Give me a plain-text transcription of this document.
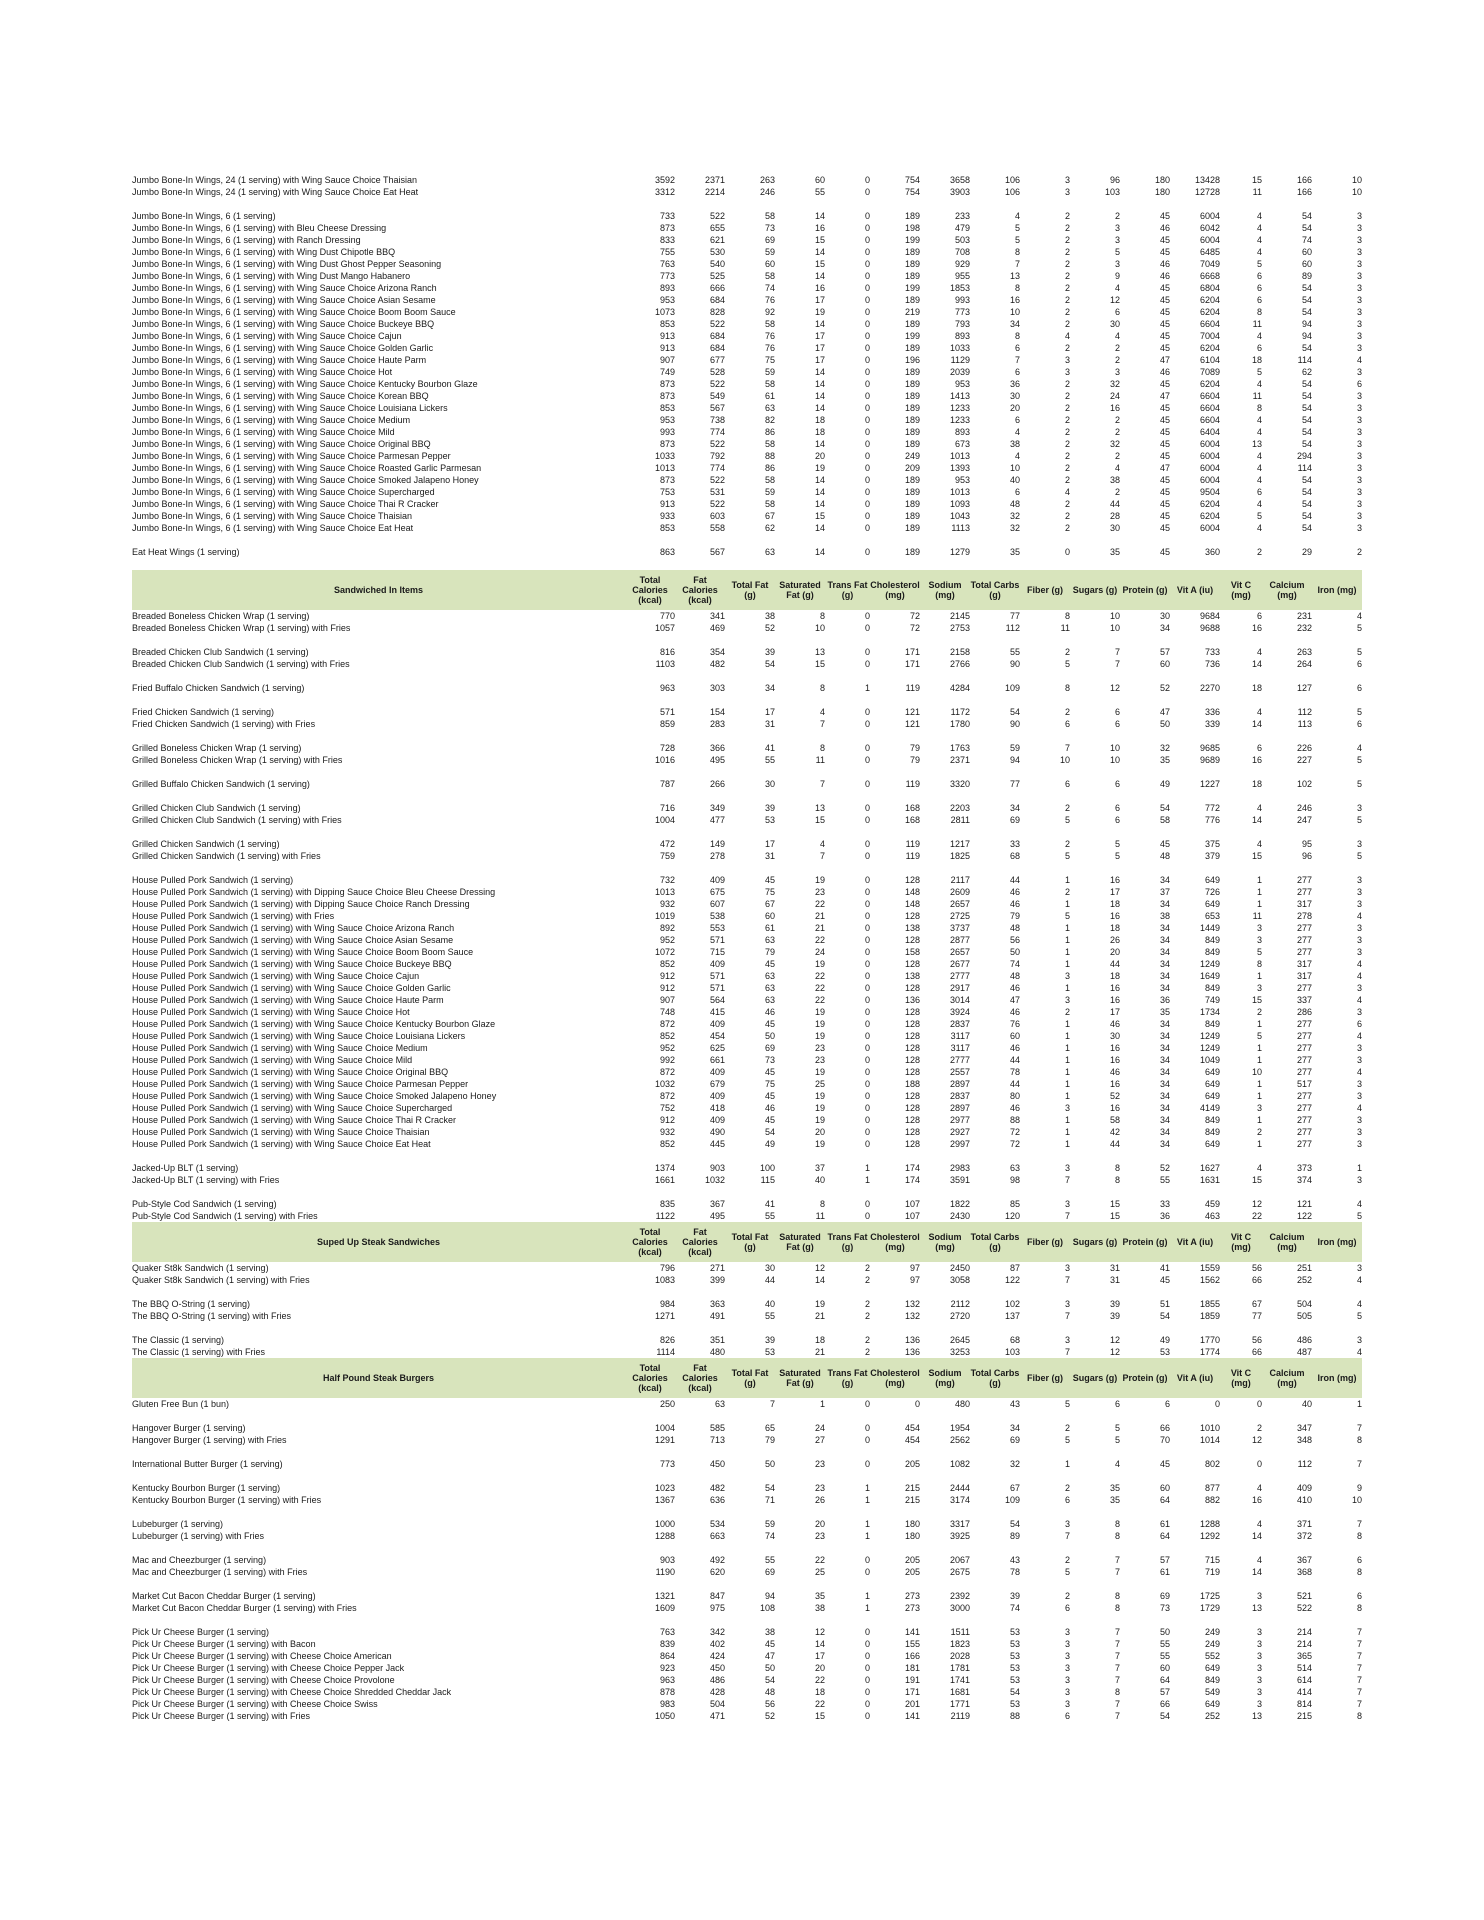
Jumbo Bone-In Wings, 24 (1 serving) with Wing Sauce Choice Thaisian	3592	2371	263	60	0	754	3658	106	3	96	180	13428	15	166	10
Jumbo Bone-In Wings, 24 (1 serving) with Wing Sauce Choice Eat Heat	3312	2214	246	55	0	754	3903	106	3	103	180	12728	11	166	10

Jumbo Bone-In Wings, 6 (1 serving)	733	522	58	14	0	189	233	4	2	2	45	6004	4	54	3
Jumbo Bone-In Wings, 6 (1 serving) with Bleu Cheese Dressing	873	655	73	16	0	198	479	5	2	3	46	6042	4	54	3
Jumbo Bone-In Wings, 6 (1 serving) with Ranch Dressing	833	621	69	15	0	199	503	5	2	3	45	6004	4	74	3
Jumbo Bone-In Wings, 6 (1 serving) with Wing Dust Chipotle BBQ	755	530	59	14	0	189	708	8	2	5	45	6485	4	60	3
Jumbo Bone-In Wings, 6 (1 serving) with Wing Dust Ghost Pepper Seasoning	763	540	60	15	0	189	929	7	2	3	46	7049	5	60	3
Jumbo Bone-In Wings, 6 (1 serving) with Wing Dust Mango Habanero	773	525	58	14	0	189	955	13	2	9	46	6668	6	89	3
Jumbo Bone-In Wings, 6 (1 serving) with Wing Sauce Choice Arizona Ranch	893	666	74	16	0	199	1853	8	2	4	45	6804	6	54	3
Jumbo Bone-In Wings, 6 (1 serving) with Wing Sauce Choice Asian Sesame	953	684	76	17	0	189	993	16	2	12	45	6204	6	54	3
Jumbo Bone-In Wings, 6 (1 serving) with Wing Sauce Choice Boom Boom Sauce	1073	828	92	19	0	219	773	10	2	6	45	6204	8	54	3
Jumbo Bone-In Wings, 6 (1 serving) with Wing Sauce Choice Buckeye BBQ	853	522	58	14	0	189	793	34	2	30	45	6604	11	94	3
Jumbo Bone-In Wings, 6 (1 serving) with Wing Sauce Choice Cajun	913	684	76	17	0	199	893	8	4	4	45	7004	4	94	3
Jumbo Bone-In Wings, 6 (1 serving) with Wing Sauce Choice Golden Garlic	913	684	76	17	0	189	1033	6	2	2	45	6204	6	54	3
Jumbo Bone-In Wings, 6 (1 serving) with Wing Sauce Choice Haute Parm	907	677	75	17	0	196	1129	7	3	2	47	6104	18	114	4
Jumbo Bone-In Wings, 6 (1 serving) with Wing Sauce Choice Hot	749	528	59	14	0	189	2039	6	3	3	46	7089	5	62	3
Jumbo Bone-In Wings, 6 (1 serving) with Wing Sauce Choice Kentucky Bourbon Glaze	873	522	58	14	0	189	953	36	2	32	45	6204	4	54	6
Jumbo Bone-In Wings, 6 (1 serving) with Wing Sauce Choice Korean BBQ	873	549	61	14	0	189	1413	30	2	24	47	6604	11	54	3
Jumbo Bone-In Wings, 6 (1 serving) with Wing Sauce Choice Louisiana Lickers	853	567	63	14	0	189	1233	20	2	16	45	6604	8	54	3
Jumbo Bone-In Wings, 6 (1 serving) with Wing Sauce Choice Medium	953	738	82	18	0	189	1233	6	2	2	45	6604	4	54	3
Jumbo Bone-In Wings, 6 (1 serving) with Wing Sauce Choice Mild	993	774	86	18	0	189	893	4	2	2	45	6404	4	54	3
Jumbo Bone-In Wings, 6 (1 serving) with Wing Sauce Choice Original BBQ	873	522	58	14	0	189	673	38	2	32	45	6004	13	54	3
Jumbo Bone-In Wings, 6 (1 serving) with Wing Sauce Choice Parmesan Pepper	1033	792	88	20	0	249	1013	4	2	2	45	6004	4	294	3
Jumbo Bone-In Wings, 6 (1 serving) with Wing Sauce Choice Roasted Garlic Parmesan	1013	774	86	19	0	209	1393	10	2	4	47	6004	4	114	3
Jumbo Bone-In Wings, 6 (1 serving) with Wing Sauce Choice Smoked Jalapeno Honey	873	522	58	14	0	189	953	40	2	38	45	6004	4	54	3
Jumbo Bone-In Wings, 6 (1 serving) with Wing Sauce Choice Supercharged	753	531	59	14	0	189	1013	6	4	2	45	9504	6	54	3
Jumbo Bone-In Wings, 6 (1 serving) with Wing Sauce Choice Thai R Cracker	913	522	58	14	0	189	1093	48	2	44	45	6204	4	54	3
Jumbo Bone-In Wings, 6 (1 serving) with Wing Sauce Choice Thaisian	933	603	67	15	0	189	1043	32	2	28	45	6204	5	54	3
Jumbo Bone-In Wings, 6 (1 serving) with Wing Sauce Choice Eat Heat	853	558	62	14	0	189	1113	32	2	30	45	6004	4	54	3

Eat Heat Wings (1 serving)	863	567	63	14	0	189	1279	35	0	35	45	360	2	29	2

Sandwiched In Items	Total Calories (kcal)	Fat Calories (kcal)	Total Fat (g)	Saturated Fat (g)	Trans Fat (g)	Cholesterol (mg)	Sodium (mg)	Total Carbs (g)	Fiber (g)	Sugars (g)	Protein (g)	Vit A (iu)	Vit C (mg)	Calcium (mg)	Iron (mg)
Breaded Boneless Chicken Wrap (1 serving)	770	341	38	8	0	72	2145	77	8	10	30	9684	6	231	4
Breaded Boneless Chicken Wrap (1 serving) with Fries	1057	469	52	10	0	72	2753	112	11	10	34	9688	16	232	5

Breaded Chicken Club Sandwich (1 serving)	816	354	39	13	0	171	2158	55	2	7	57	733	4	263	5
Breaded Chicken Club Sandwich (1 serving) with Fries	1103	482	54	15	0	171	2766	90	5	7	60	736	14	264	6

Fried Buffalo Chicken Sandwich (1 serving)	963	303	34	8	1	119	4284	109	8	12	52	2270	18	127	6

Fried Chicken Sandwich (1 serving)	571	154	17	4	0	121	1172	54	2	6	47	336	4	112	5
Fried Chicken Sandwich (1 serving) with Fries	859	283	31	7	0	121	1780	90	6	6	50	339	14	113	6

Grilled Boneless Chicken Wrap (1 serving)	728	366	41	8	0	79	1763	59	7	10	32	9685	6	226	4
Grilled Boneless Chicken Wrap (1 serving) with Fries	1016	495	55	11	0	79	2371	94	10	10	35	9689	16	227	5

Grilled Buffalo Chicken Sandwich (1 serving)	787	266	30	7	0	119	3320	77	6	6	49	1227	18	102	5

Grilled Chicken Club Sandwich (1 serving)	716	349	39	13	0	168	2203	34	2	6	54	772	4	246	3
Grilled Chicken Club Sandwich (1 serving) with Fries	1004	477	53	15	0	168	2811	69	5	6	58	776	14	247	5

Grilled Chicken Sandwich (1 serving)	472	149	17	4	0	119	1217	33	2	5	45	375	4	95	3
Grilled Chicken Sandwich (1 serving) with Fries	759	278	31	7	0	119	1825	68	5	5	48	379	15	96	5

House Pulled Pork Sandwich (1 serving)	732	409	45	19	0	128	2117	44	1	16	34	649	1	277	3
House Pulled Pork Sandwich (1 serving) with Dipping Sauce Choice Bleu Cheese Dressing	1013	675	75	23	0	148	2609	46	2	17	37	726	1	277	3
House Pulled Pork Sandwich (1 serving) with Dipping Sauce Choice Ranch Dressing	932	607	67	22	0	148	2657	46	1	18	34	649	1	317	3
House Pulled Pork Sandwich (1 serving) with Fries	1019	538	60	21	0	128	2725	79	5	16	38	653	11	278	4
House Pulled Pork Sandwich (1 serving) with Wing Sauce Choice Arizona Ranch	892	553	61	21	0	138	3737	48	1	18	34	1449	3	277	3
House Pulled Pork Sandwich (1 serving) with Wing Sauce Choice Asian Sesame	952	571	63	22	0	128	2877	56	1	26	34	849	3	277	3
House Pulled Pork Sandwich (1 serving) with Wing Sauce Choice Boom Boom Sauce	1072	715	79	24	0	158	2657	50	1	20	34	849	5	277	3
House Pulled Pork Sandwich (1 serving) with Wing Sauce Choice Buckeye BBQ	852	409	45	19	0	128	2677	74	1	44	34	1249	8	317	4
House Pulled Pork Sandwich (1 serving) with Wing Sauce Choice Cajun	912	571	63	22	0	138	2777	48	3	18	34	1649	1	317	4
House Pulled Pork Sandwich (1 serving) with Wing Sauce Choice Golden Garlic	912	571	63	22	0	128	2917	46	1	16	34	849	3	277	3
House Pulled Pork Sandwich (1 serving) with Wing Sauce Choice Haute Parm	907	564	63	22	0	136	3014	47	3	16	36	749	15	337	4
House Pulled Pork Sandwich (1 serving) with Wing Sauce Choice Hot	748	415	46	19	0	128	3924	46	2	17	35	1734	2	286	3
House Pulled Pork Sandwich (1 serving) with Wing Sauce Choice Kentucky Bourbon Glaze	872	409	45	19	0	128	2837	76	1	46	34	849	1	277	6
House Pulled Pork Sandwich (1 serving) with Wing Sauce Choice Louisiana Lickers	852	454	50	19	0	128	3117	60	1	30	34	1249	5	277	4
House Pulled Pork Sandwich (1 serving) with Wing Sauce Choice Medium	952	625	69	23	0	128	3117	46	1	16	34	1249	1	277	3
House Pulled Pork Sandwich (1 serving) with Wing Sauce Choice Mild	992	661	73	23	0	128	2777	44	1	16	34	1049	1	277	3
House Pulled Pork Sandwich (1 serving) with Wing Sauce Choice Original BBQ	872	409	45	19	0	128	2557	78	1	46	34	649	10	277	4
House Pulled Pork Sandwich (1 serving) with Wing Sauce Choice Parmesan Pepper	1032	679	75	25	0	188	2897	44	1	16	34	649	1	517	3
House Pulled Pork Sandwich (1 serving) with Wing Sauce Choice Smoked Jalapeno Honey	872	409	45	19	0	128	2837	80	1	52	34	649	1	277	3
House Pulled Pork Sandwich (1 serving) with Wing Sauce Choice Supercharged	752	418	46	19	0	128	2897	46	3	16	34	4149	3	277	4
House Pulled Pork Sandwich (1 serving) with Wing Sauce Choice Thai R Cracker	912	409	45	19	0	128	2977	88	1	58	34	849	1	277	3
House Pulled Pork Sandwich (1 serving) with Wing Sauce Choice Thaisian	932	490	54	20	0	128	2927	72	1	42	34	849	2	277	3
House Pulled Pork Sandwich (1 serving) with Wing Sauce Choice Eat Heat	852	445	49	19	0	128	2997	72	1	44	34	649	1	277	3

Jacked-Up BLT (1 serving)	1374	903	100	37	1	174	2983	63	3	8	52	1627	4	373	1
Jacked-Up BLT (1 serving) with Fries	1661	1032	115	40	1	174	3591	98	7	8	55	1631	15	374	3

Pub-Style Cod Sandwich (1 serving)	835	367	41	8	0	107	1822	85	3	15	33	459	12	121	4
Pub-Style Cod Sandwich (1 serving) with Fries	1122	495	55	11	0	107	2430	120	7	15	36	463	22	122	5
Suped Up Steak Sandwiches	Total Calories (kcal)	Fat Calories (kcal)	Total Fat (g)	Saturated Fat (g)	Trans Fat (g)	Cholesterol (mg)	Sodium (mg)	Total Carbs (g)	Fiber (g)	Sugars (g)	Protein (g)	Vit A (iu)	Vit C (mg)	Calcium (mg)	Iron (mg)
Quaker St8k Sandwich (1 serving)	796	271	30	12	2	97	2450	87	3	31	41	1559	56	251	3
Quaker St8k Sandwich (1 serving) with Fries	1083	399	44	14	2	97	3058	122	7	31	45	1562	66	252	4

The BBQ O-String (1 serving)	984	363	40	19	2	132	2112	102	3	39	51	1855	67	504	4
The BBQ O-String (1 serving) with Fries	1271	491	55	21	2	132	2720	137	7	39	54	1859	77	505	5

The Classic (1 serving)	826	351	39	18	2	136	2645	68	3	12	49	1770	56	486	3
The Classic (1 serving) with Fries	1114	480	53	21	2	136	3253	103	7	12	53	1774	66	487	4
Half Pound Steak Burgers	Total Calories (kcal)	Fat Calories (kcal)	Total Fat (g)	Saturated Fat (g)	Trans Fat (g)	Cholesterol (mg)	Sodium (mg)	Total Carbs (g)	Fiber (g)	Sugars (g)	Protein (g)	Vit A (iu)	Vit C (mg)	Calcium (mg)	Iron (mg)
Gluten Free Bun (1 bun)	250	63	7	1	0	0	480	43	5	6	6	0	0	40	1

Hangover Burger (1 serving)	1004	585	65	24	0	454	1954	34	2	5	66	1010	2	347	7
Hangover Burger (1 serving) with Fries	1291	713	79	27	0	454	2562	69	5	5	70	1014	12	348	8

International Butter Burger (1 serving)	773	450	50	23	0	205	1082	32	1	4	45	802	0	112	7

Kentucky Bourbon Burger (1 serving)	1023	482	54	23	1	215	2444	67	2	35	60	877	4	409	9
Kentucky Bourbon Burger (1 serving) with Fries	1367	636	71	26	1	215	3174	109	6	35	64	882	16	410	10

Lubeburger (1 serving)	1000	534	59	20	1	180	3317	54	3	8	61	1288	4	371	7
Lubeburger (1 serving) with Fries	1288	663	74	23	1	180	3925	89	7	8	64	1292	14	372	8

Mac and Cheezburger (1 serving)	903	492	55	22	0	205	2067	43	2	7	57	715	4	367	6
Mac and Cheezburger (1 serving) with Fries	1190	620	69	25	0	205	2675	78	5	7	61	719	14	368	8

Market Cut Bacon Cheddar Burger (1 serving)	1321	847	94	35	1	273	2392	39	2	8	69	1725	3	521	6
Market Cut Bacon Cheddar Burger (1 serving) with Fries	1609	975	108	38	1	273	3000	74	6	8	73	1729	13	522	8

Pick Ur Cheese Burger (1 serving)	763	342	38	12	0	141	1511	53	3	7	50	249	3	214	7
Pick Ur Cheese Burger (1 serving) with Bacon	839	402	45	14	0	155	1823	53	3	7	55	249	3	214	7
Pick Ur Cheese Burger (1 serving) with Cheese Choice American	864	424	47	17	0	166	2028	53	3	7	55	552	3	365	7
Pick Ur Cheese Burger (1 serving) with Cheese Choice Pepper Jack	923	450	50	20	0	181	1781	53	3	7	60	649	3	514	7
Pick Ur Cheese Burger (1 serving) with Cheese Choice Provolone	963	486	54	22	0	191	1741	53	3	7	64	849	3	614	7
Pick Ur Cheese Burger (1 serving) with Cheese Choice Shredded Cheddar Jack	878	428	48	18	0	171	1681	54	3	8	57	549	3	414	7
Pick Ur Cheese Burger (1 serving) with Cheese Choice Swiss	983	504	56	22	0	201	1771	53	3	7	66	649	3	814	7
Pick Ur Cheese Burger (1 serving) with Fries	1050	471	52	15	0	141	2119	88	6	7	54	252	13	215	8
